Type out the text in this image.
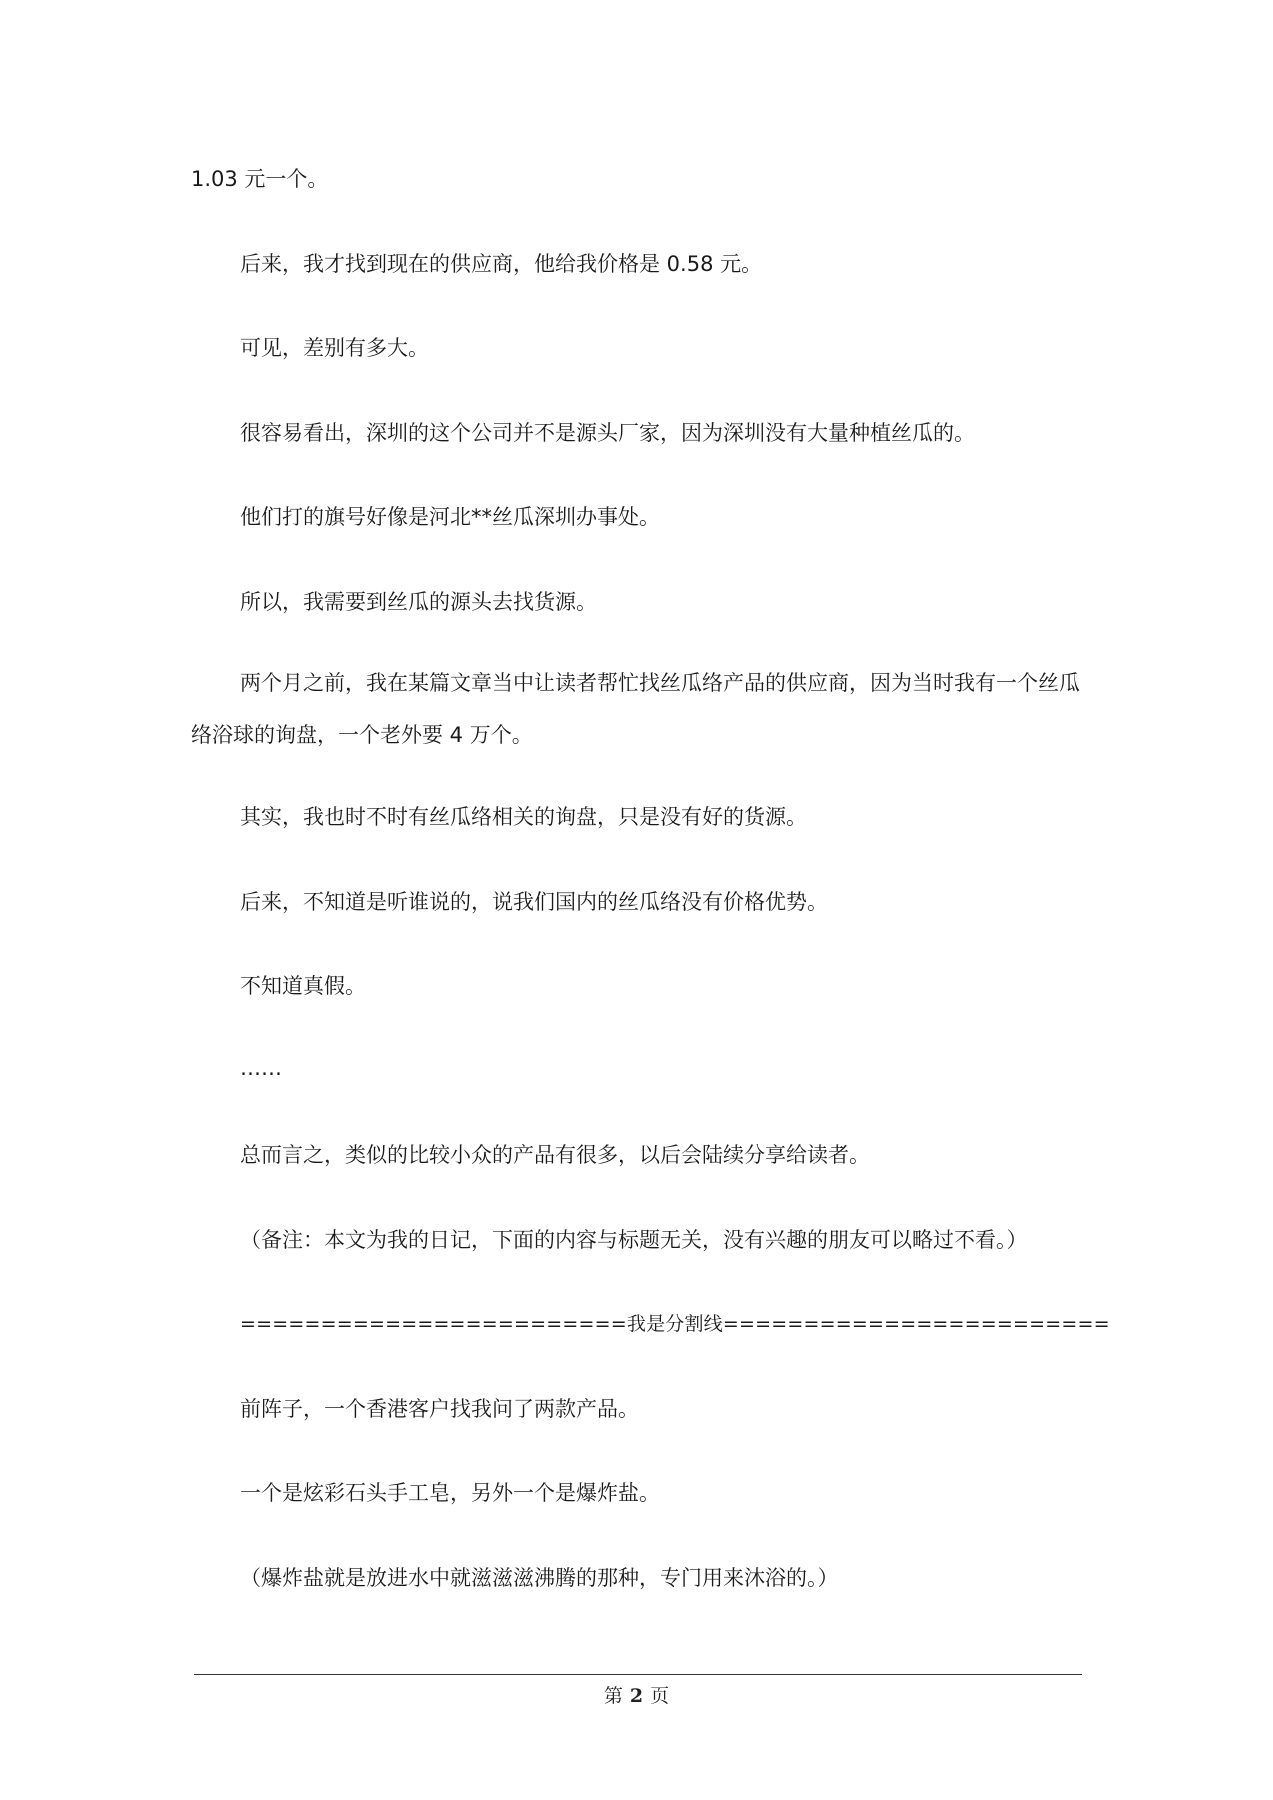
1.03 元一个。
后来，我才找到现在的供应商，他给我价格是 0.58 元。
可见，差别有多大。
很容易看出，深圳的这个公司并不是源头厂家，因为深圳没有大量种植丝瓜的。
他们打的旗号好像是河北**丝瓜深圳办事处。
所以，我需要到丝瓜的源头去找货源。
两个月之前，我在某篇文章当中让读者帮忙找丝瓜络产品的供应商，因为当时我有一个丝瓜络浴球的询盘，一个老外要 4 万个。
其实，我也时不时有丝瓜络相关的询盘，只是没有好的货源。
后来，不知道是听谁说的，说我们国内的丝瓜络没有价格优势。
不知道真假。
……
总而言之，类似的比较小众的产品有很多，以后会陆续分享给读者。
（备注：本文为我的日记，下面的内容与标题无关，没有兴趣的朋友可以略过不看。）
========================我是分割线========================
前阵子，一个香港客户找我问了两款产品。
一个是炫彩石头手工皂，另外一个是爆炸盐。
（爆炸盐就是放进水中就滋滋滋沸腾的那种，专门用来沐浴的。）
第 2 页
